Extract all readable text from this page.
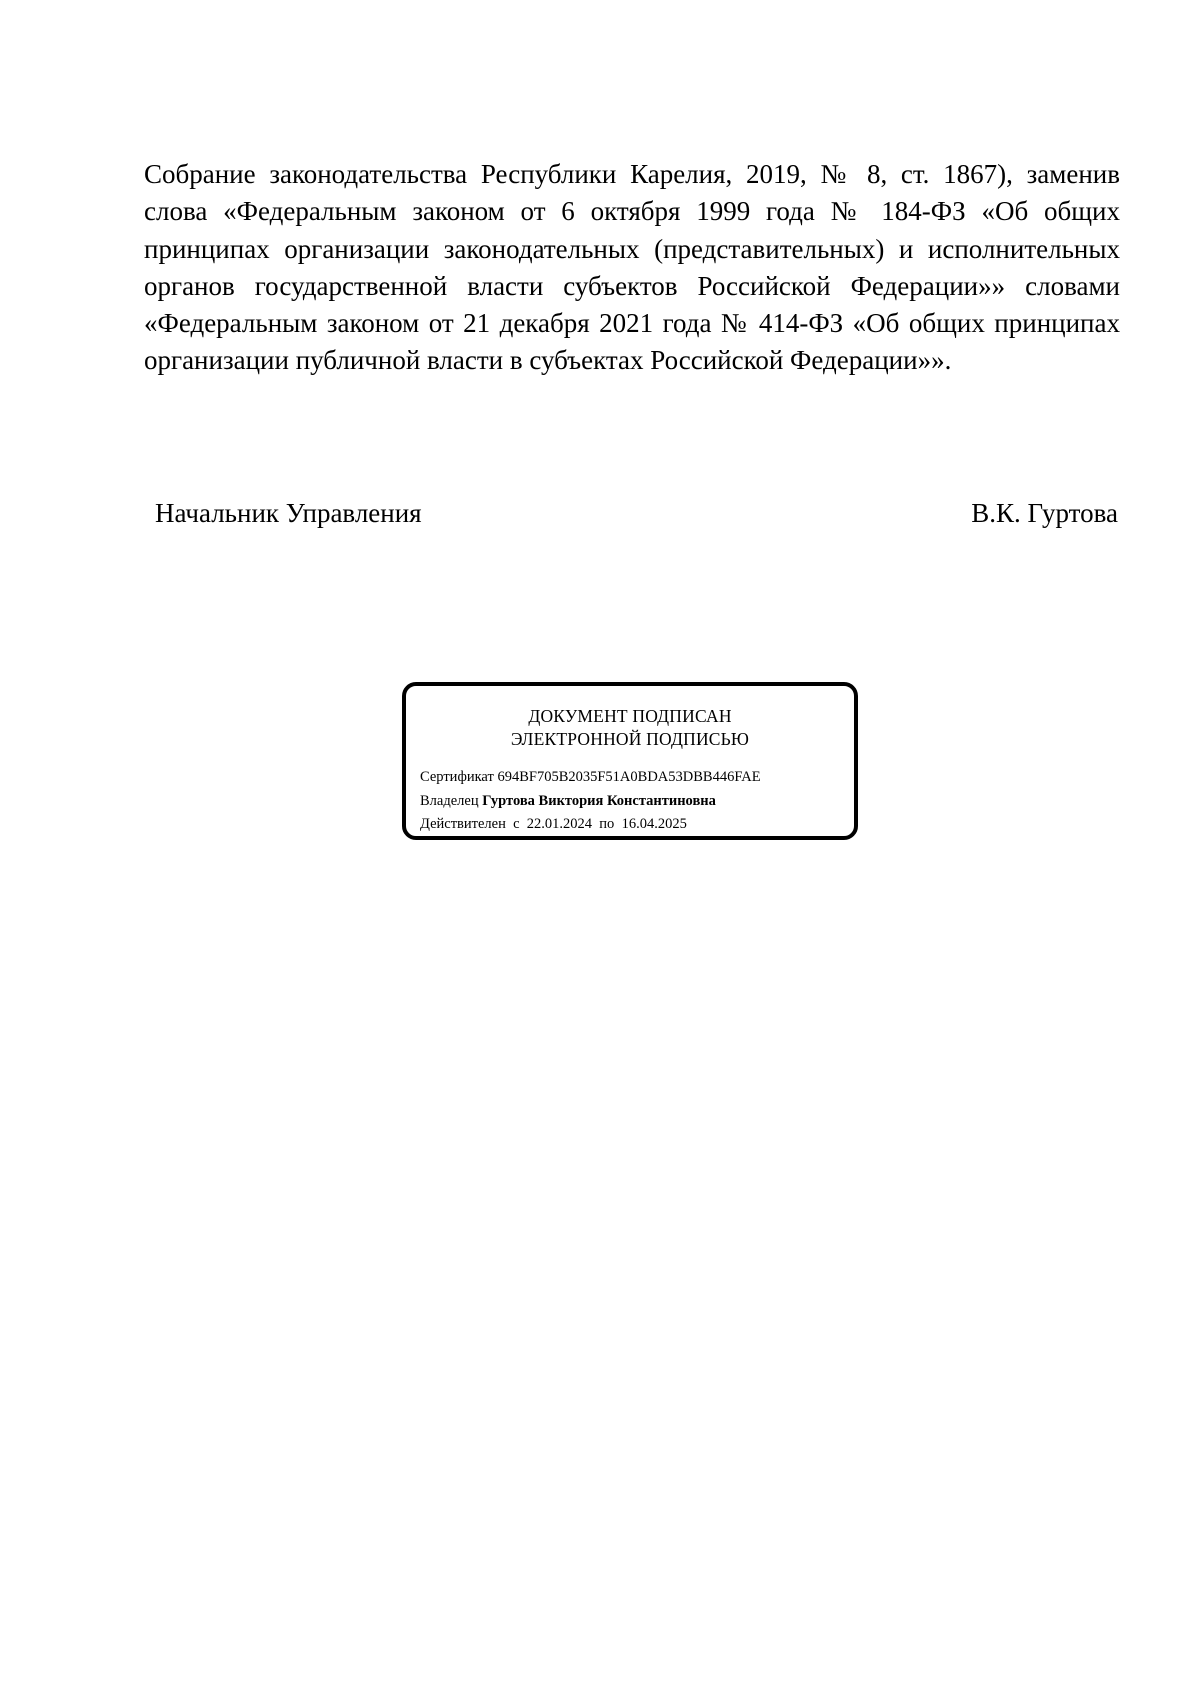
Собрание законодательства Республики Карелия, 2019, № 8, ст. 1867), заменив слова «Федеральным законом от 6 октября 1999 года № 184-ФЗ «Об общих принципах организации законодательных (представительных) и исполнительных органов государственной власти субъектов Российской Федерации»» словами «Федеральным законом от 21 декабря 2021 года № 414-ФЗ «Об общих принципах организации публичной власти в субъектах Российской Федерации»».

Начальник Управления	В.К. Гуртова
ДОКУМЕНТ ПОДПИСАН
ЭЛЕКТРОННОЙ ПОДПИСЬЮ
Сертификат 694BF705B2035F51A0BDA53DBB446FAE
Владелец Гуртова Виктория Константиновна
Действителен с 22.01.2024 по 16.04.2025
